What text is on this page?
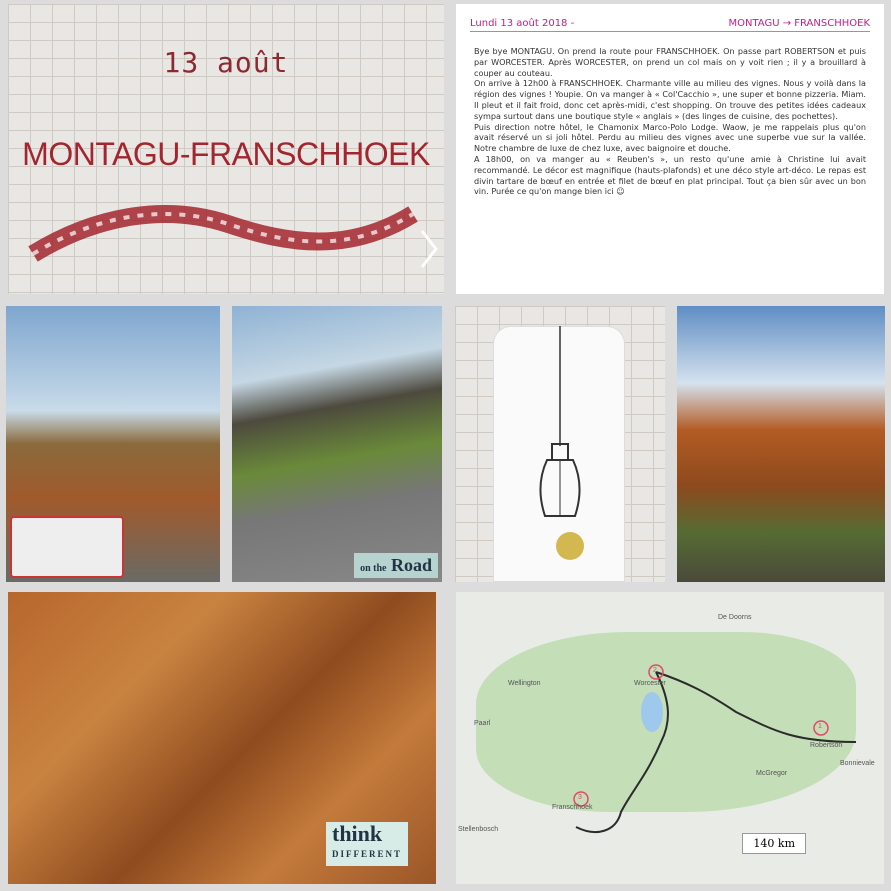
13 août
MONTAGU-FRANSCHHOEK
Lundi 13 août 2018 -	MONTAGU → FRANSCHHOEK

Bye bye MONTAGU. On prend la route pour FRANSCHHOEK. On passe part ROBERTSON et puis par WORCESTER. Après WORCESTER, on prend un col mais on y voit rien ; il y a brouillard à couper au couteau.

On arrive à 12h00 à FRANSCHHOEK. Charmante ville au milieu des vignes. Nous y voilà dans la région des vignes ! Youpie. On va manger à « Col'Cacchio », une super et bonne pizzeria. Miam. Il pleut et il fait froid, donc cet après-midi, c'est shopping. On trouve des petites idées cadeaux sympa surtout dans une boutique style « anglais » (des linges de cuisine, des pochettes).

Puis direction notre hôtel, le Chamonix Marco-Polo Lodge. Waow, je me rappelais plus qu'on avait réservé un si joli hôtel. Perdu au milieu des vignes avec une superbe vue sur la vallée. Notre chambre de luxe de chez luxe, avec baignoire et douche.

A 18h00, on va manger au « Reuben's », un resto qu'une amie à Christine lui avait recommandé. Le décor est magnifique (hauts-plafonds) et une déco style art-déco. Le repas est divin tartare de bœuf en entrée et filet de bœuf en plat principal. Tout ça bien sûr avec un bon vin. Purée ce qu'on mange bien ici ☺

on the Road
think
DIFFERENT
1
2
3
Wellington	Worcester
Paarl
Franschhoek
Stellenbosch
Robertson
De Doorns
McGregor
Bonnievale
140 km
